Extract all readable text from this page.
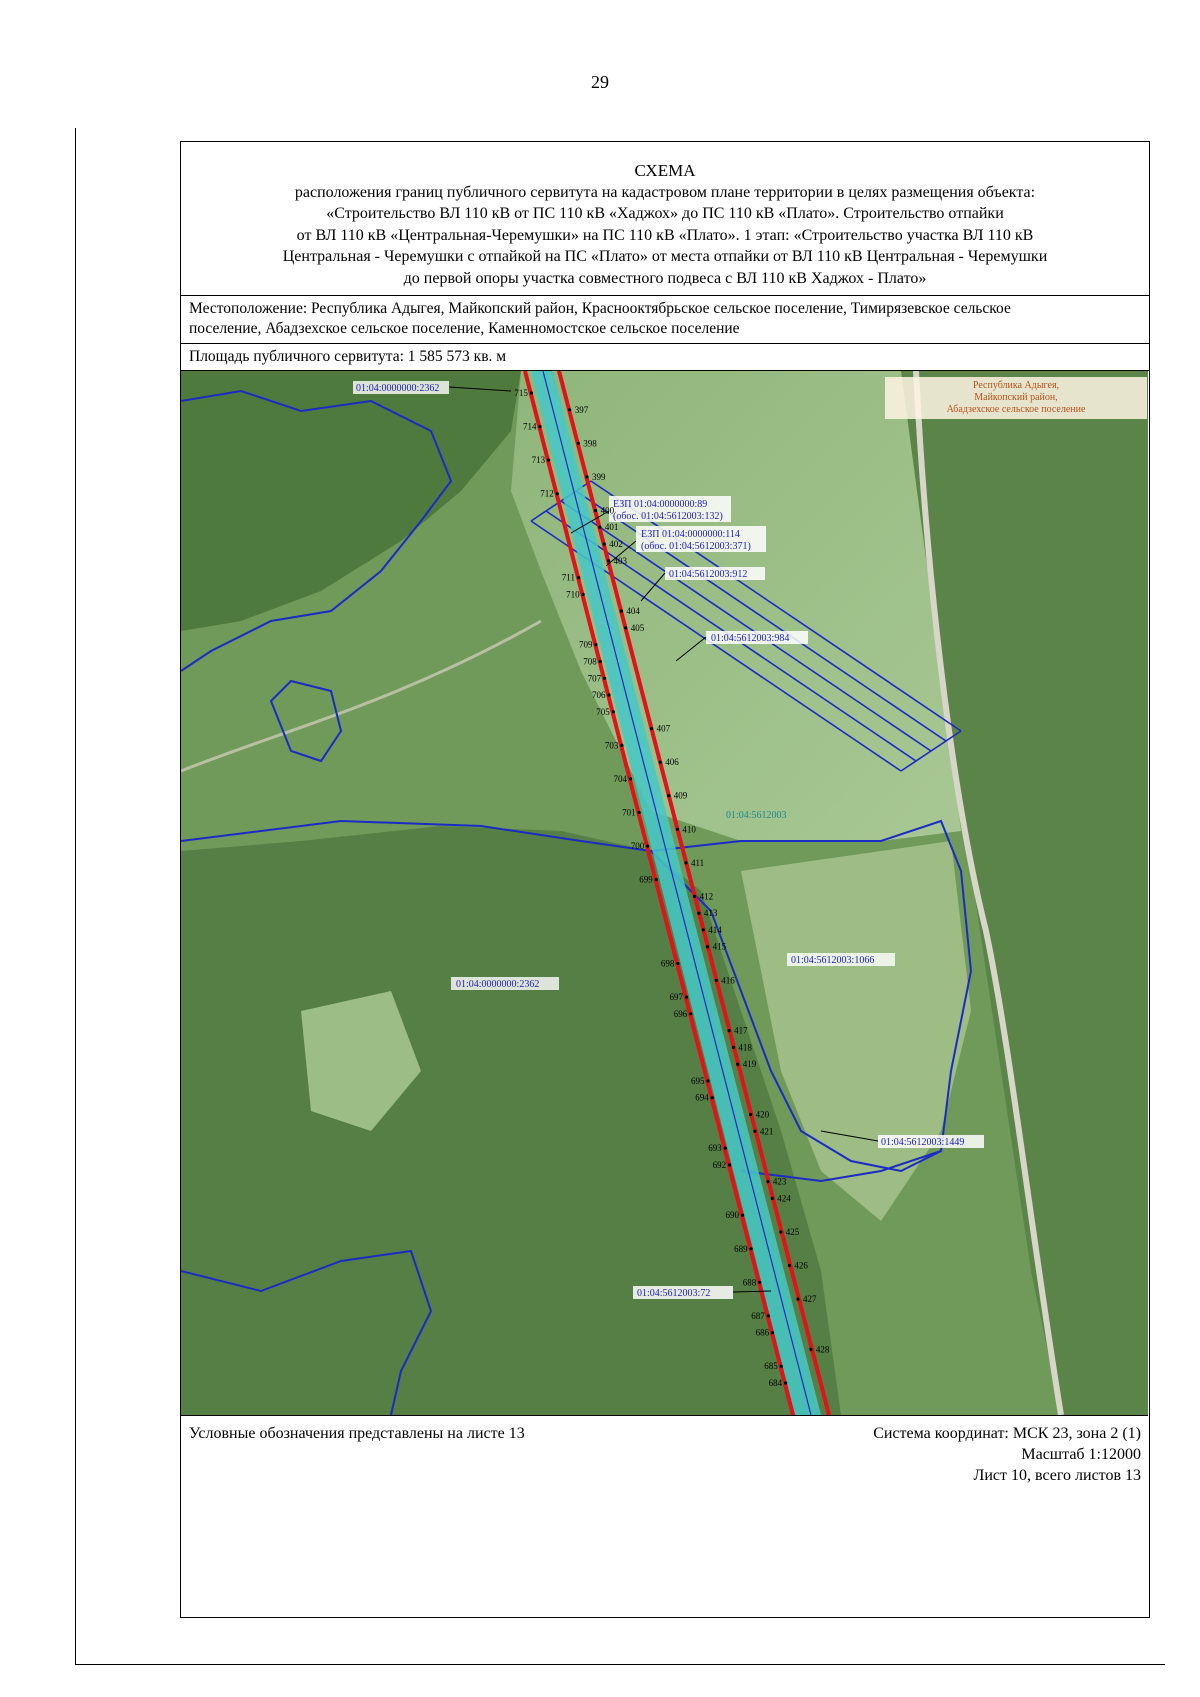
29
СХЕМА
расположения границ публичного сервитута на кадастровом плане территории в целях размещения объекта:
«Строительство ВЛ 110 кВ от ПС 110 кВ «Хаджох» до ПС 110 кВ «Плато». Строительство отпайки
от ВЛ 110 кВ «Центральная-Черемушки» на ПС 110 кВ «Плато». 1 этап: «Строительство участка ВЛ 110 кВ
Центральная - Черемушки с отпайкой на ПС «Плато» от места отпайки от ВЛ 110 кВ Центральная - Черемушки
до первой опоры участка совместного подвеса с ВЛ 110 кВ Хаджох - Плато»
Местоположение: Республика Адыгея, Майкопский район, Краснооктябрьское сельское поселение, Тимирязевское сельское
поселение, Абадзехское сельское поселение, Каменномостское сельское поселение
Площадь публичного сервитута: 1 585 573 кв. м
Республика Адыгея,
Майкопский район,
Абадзехское сельское поселение
01:04:0000000:2362
ЕЗП 01:04:0000000:89
(обос. 01:04:5612003:132)
ЕЗП 01:04:0000000:114
(обос. 01:04:5612003:371)
01:04:5612003:912
01:04:5612003:984
01:04:5612003
01:04:5612003:1066
01:04:0000000:2362
01:04:5612003:1449
01:04:5612003:72
715
397
714
398
713
399
712
400
401
402
403
711
710
404
405
709
708
707
706
705
407
703
406
704
409
701
410
700
411
699
412
413
414
415
698
416
697
696
417
418
419
695
694
420
421
693
692
423
424
690
425
689
426
688
427
687
686
428
685
684
Условные обозначения представлены на листе 13	Система координат: МСК 23, зона 2 (1)
Масштаб 1:12000
Лист 10, всего листов 13
